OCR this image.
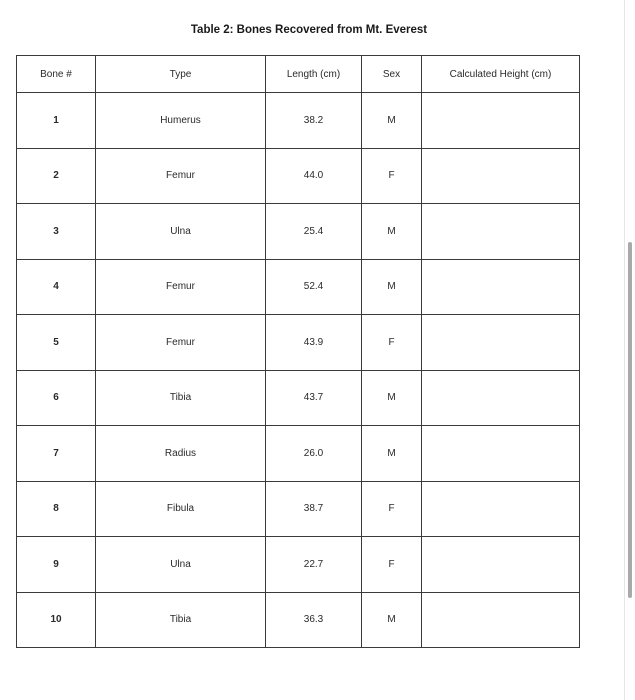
Table 2: Bones Recovered from Mt. Everest
Bone #	Type	Length (cm)	Sex	Calculated Height (cm)
1	Humerus	38.2	M	
2	Femur	44.0	F	
3	Ulna	25.4	M	
4	Femur	52.4	M	
5	Femur	43.9	F	
6	Tibia	43.7	M	
7	Radius	26.0	M	
8	Fibula	38.7	F	
9	Ulna	22.7	F	
10	Tibia	36.3	M	
